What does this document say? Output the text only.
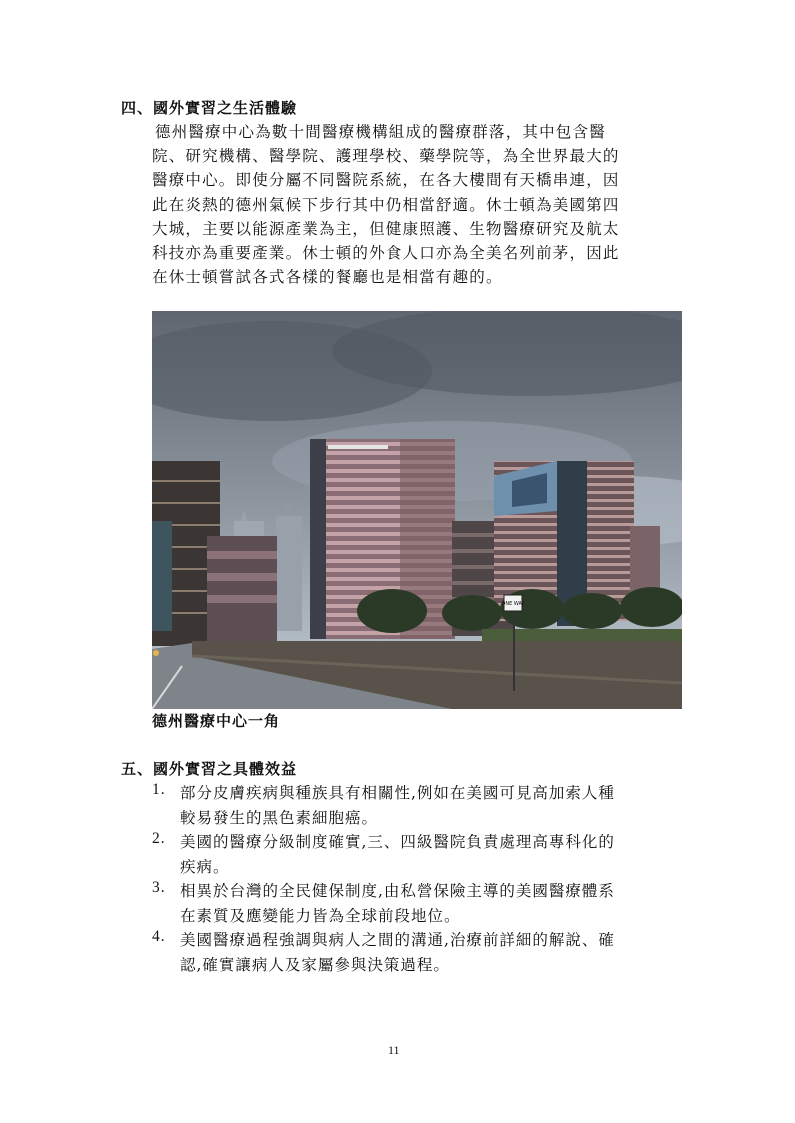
四、國外實習之生活體驗
德州醫療中心為數十間醫療機構組成的醫療群落，其中包含醫
院、研究機構、醫學院、護理學校、藥學院等，為全世界最大的
醫療中心。即使分屬不同醫院系統，在各大樓間有天橋串連，因
此在炎熱的德州氣候下步行其中仍相當舒適。休士頓為美國第四
大城，主要以能源產業為主，但健康照護、生物醫療研究及航太
科技亦為重要產業。休士頓的外食人口亦為全美名列前茅，因此
在休士頓嘗試各式各樣的餐廳也是相當有趣的。
ONE WAY
德州醫療中心一角
五、國外實習之具體效益
1. 部分皮膚疾病與種族具有相關性,例如在美國可見高加索人種
較易發生的黑色素細胞癌。
2. 美國的醫療分級制度確實,三、四級醫院負責處理高專科化的
疾病。
3. 相異於台灣的全民健保制度,由私營保險主導的美國醫療體系
在素質及應變能力皆為全球前段地位。
4. 美國醫療過程強調與病人之間的溝通,治療前詳細的解說、確
認,確實讓病人及家屬參與決策過程。
11
